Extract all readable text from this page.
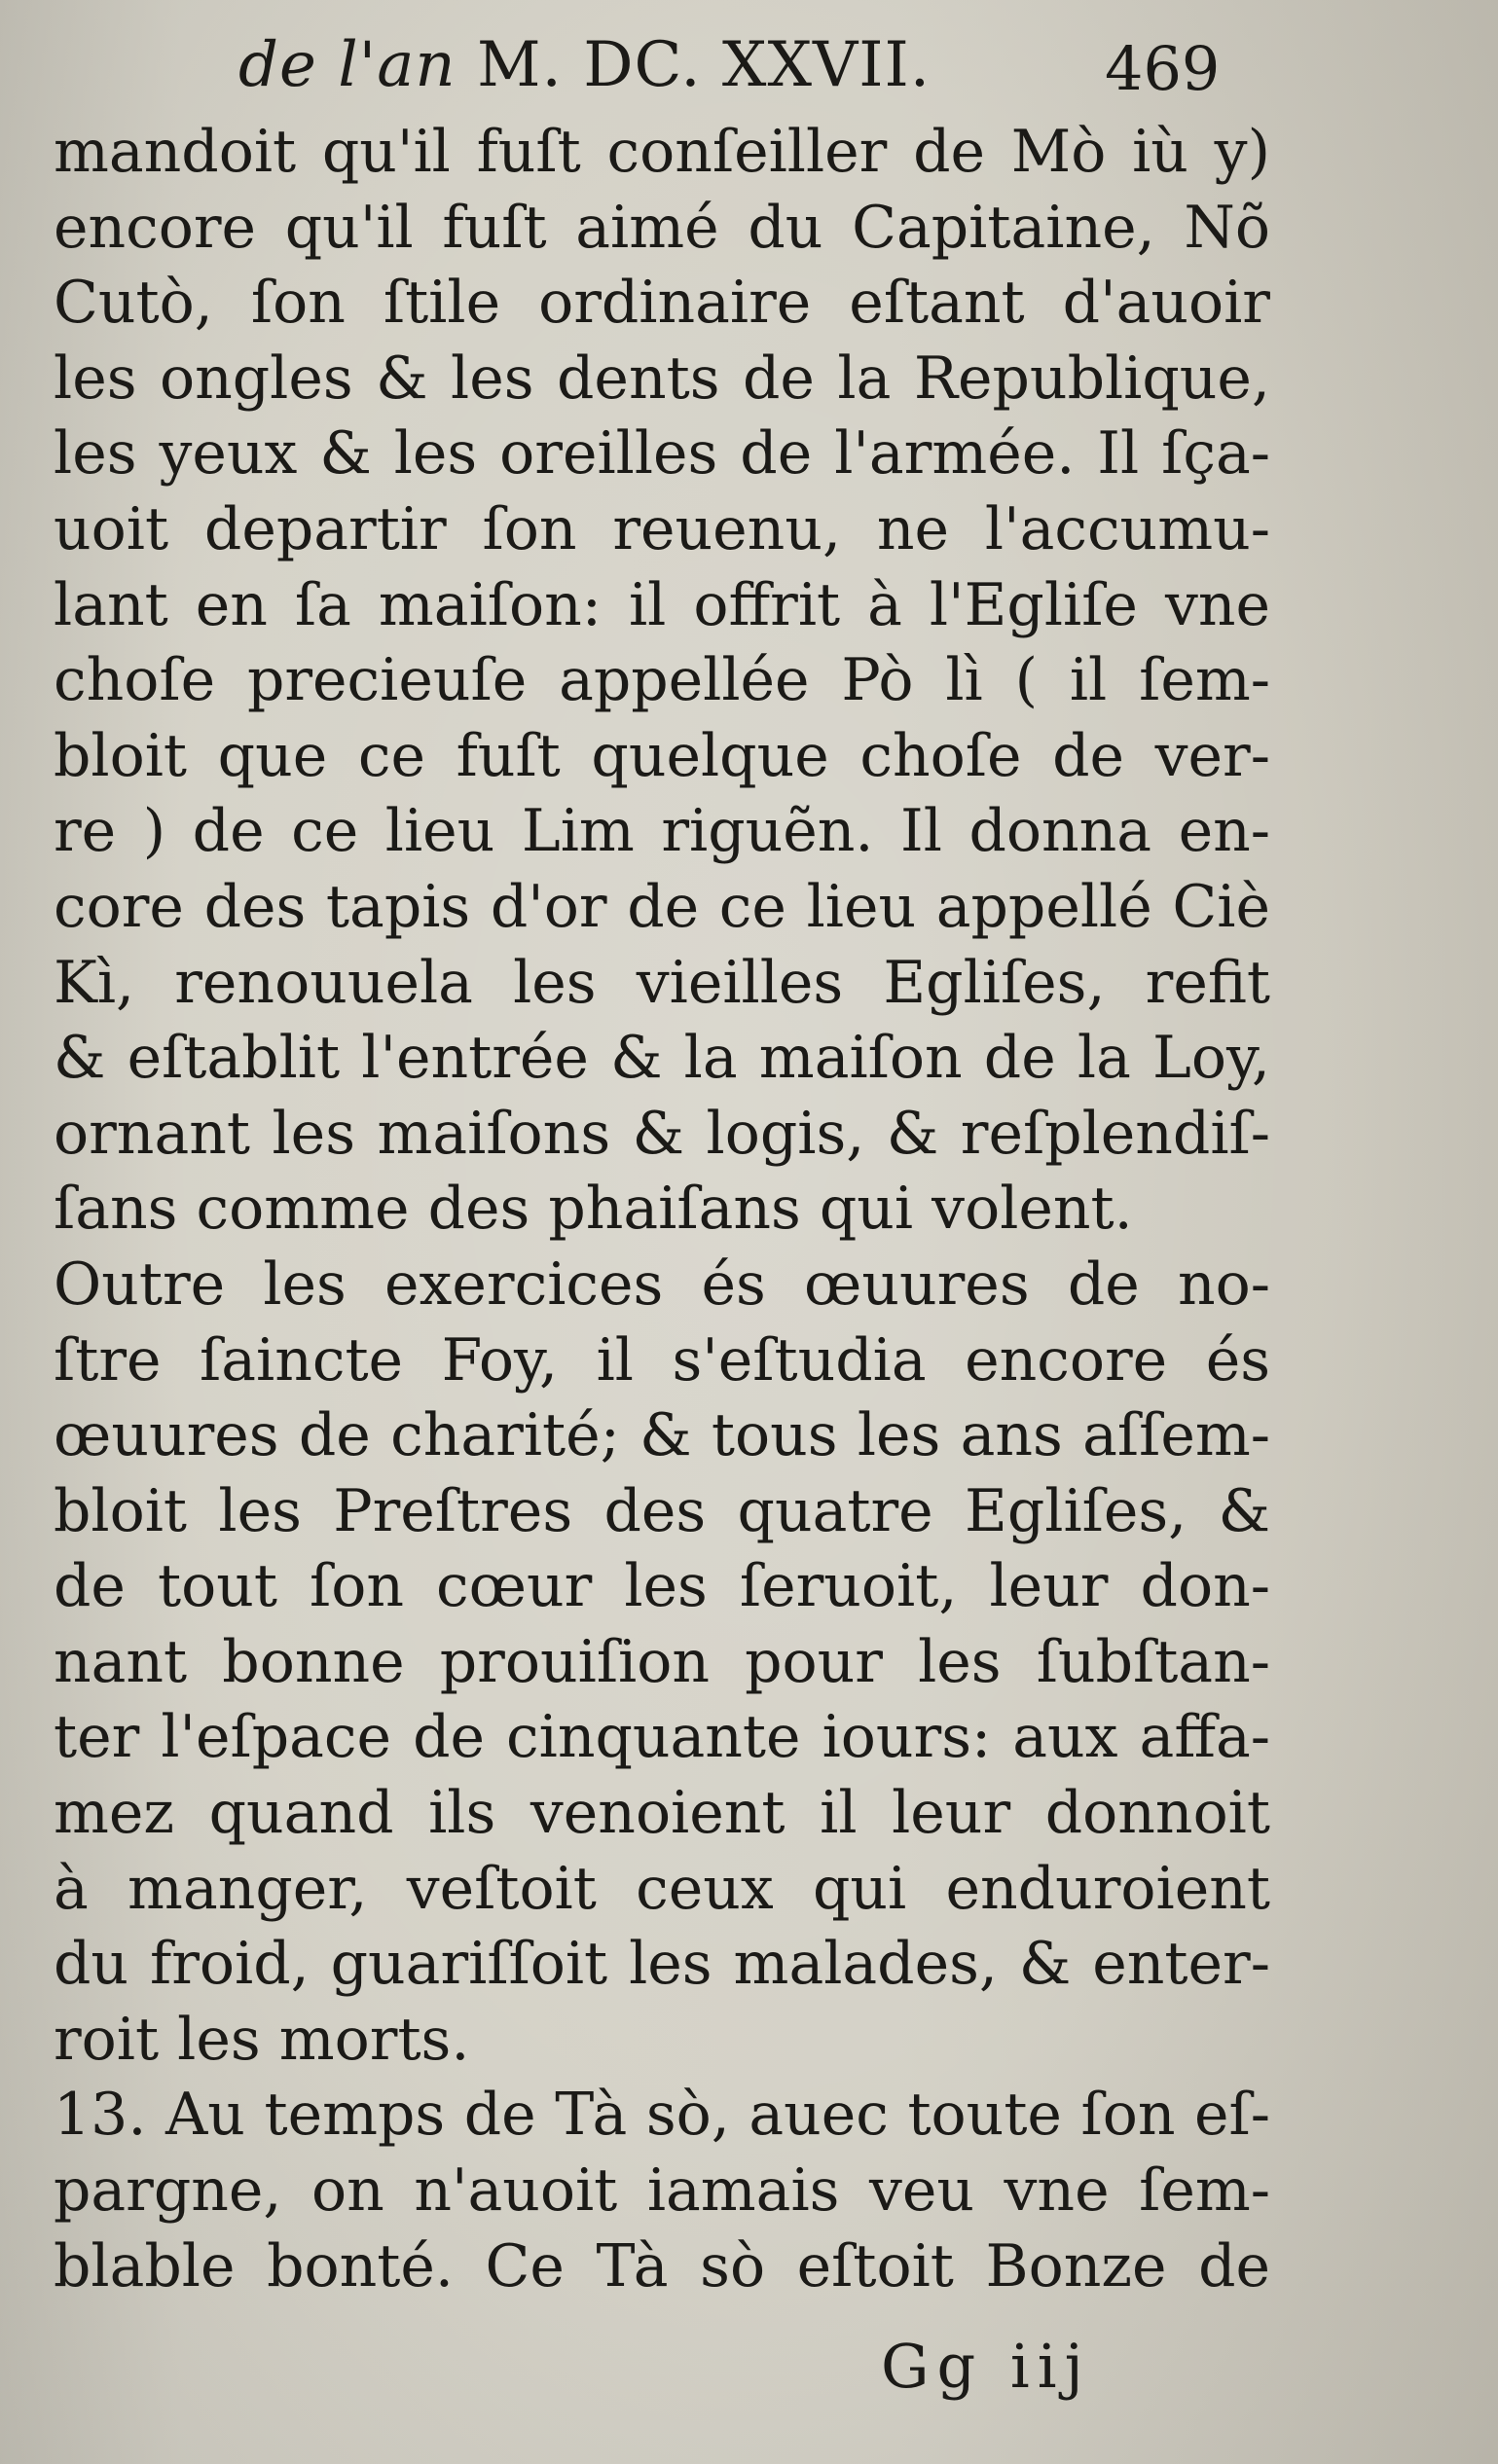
de l'an M. DC. XXVII.	469
mandoit qu'il fuſt conſeiller de Mò iù y)
encore qu'il fuſt aimé du Capitaine, Nõ
Cutò, ſon ſtile ordinaire eſtant d'auoir
les ongles & les dents de la Republique,
les yeux & les oreilles de l'armée. Il ſça-
uoit departir ſon reuenu, ne l'accumu-
lant en ſa maiſon: il offrit à l'Egliſe vne
choſe precieuſe appellée Pò lì ( il ſem-
bloit que ce fuſt quelque choſe de ver-
re ) de ce lieu Lim riguẽn. Il donna en-
core des tapis d'or de ce lieu appellé Ciè
Kì, renouuela les vieilles Egliſes, refit
& eſtablit l'entrée & la maiſon de la Loy,
ornant les maiſons & logis, & reſplendiſ-
ſans comme des phaiſans qui volent.
Outre les exercices és œuures de no-
ſtre ſaincte Foy, il s'eſtudia encore és
œuures de charité; & tous les ans aſſem-
bloit les Preſtres des quatre Egliſes, &
de tout ſon cœur les ſeruoit, leur don-
nant bonne prouiſion pour les ſubſtan-
ter l'eſpace de cinquante iours: aux affa-
mez quand ils venoient il leur donnoit
à manger, veſtoit ceux qui enduroient
du froid, guariſſoit les malades, & enter-
roit les morts.
13. Au temps de Tà sò, auec toute ſon eſ-
pargne, on n'auoit iamais veu vne ſem-
blable bonté. Ce Tà sò eſtoit Bonze de
Gg iij
